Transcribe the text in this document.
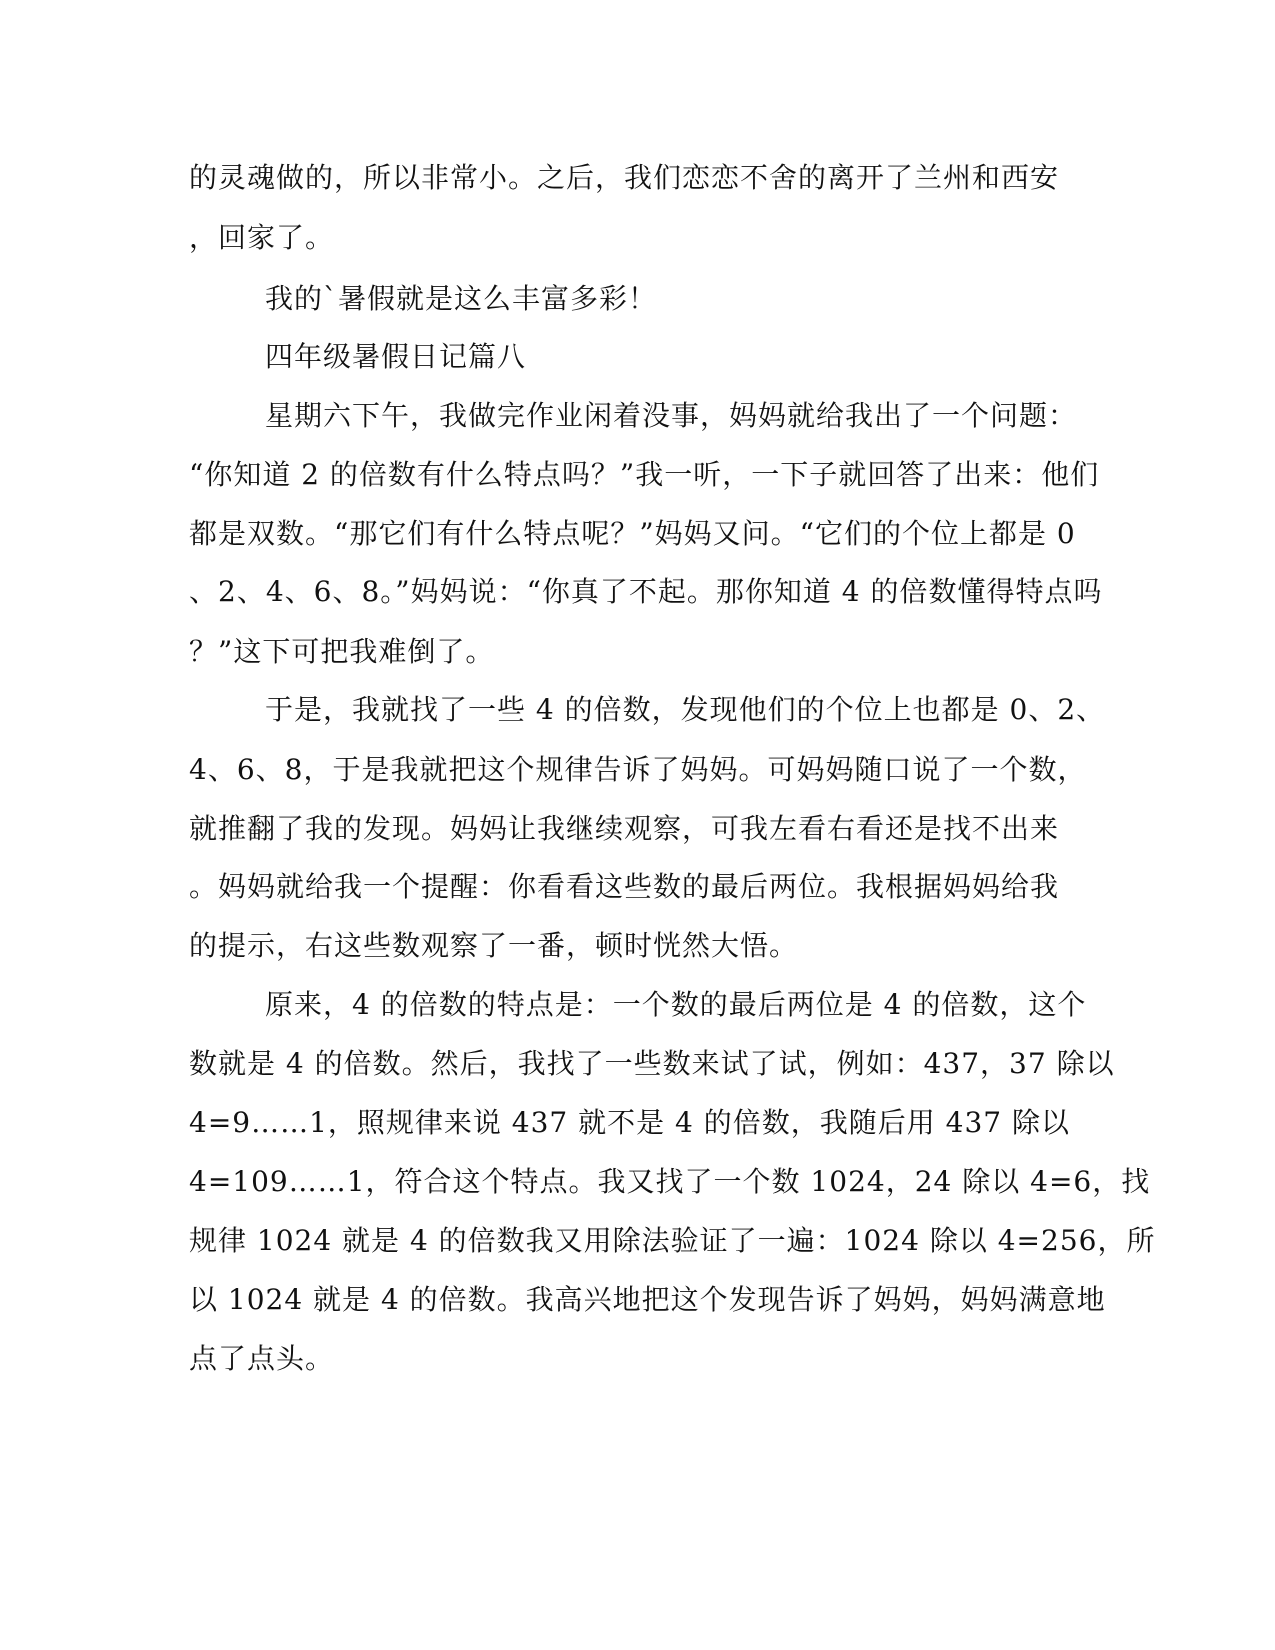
的灵魂做的，所以非常小。之后，我们恋恋不舍的离开了兰州和西安
，回家了。
我的`暑假就是这么丰富多彩！
四年级暑假日记篇八
星期六下午，我做完作业闲着没事，妈妈就给我出了一个问题：
“你知道 2 的倍数有什么特点吗？”我一听，一下子就回答了出来：他们
都是双数。“那它们有什么特点呢？”妈妈又问。“它们的个位上都是 0
、2、4、6、8。”妈妈说：“你真了不起。那你知道 4 的倍数懂得特点吗
？”这下可把我难倒了。
于是，我就找了一些 4 的倍数，发现他们的个位上也都是 0、2、
4、6、8，于是我就把这个规律告诉了妈妈。可妈妈随口说了一个数，
就推翻了我的发现。妈妈让我继续观察，可我左看右看还是找不出来
。妈妈就给我一个提醒：你看看这些数的最后两位。我根据妈妈给我
的提示，右这些数观察了一番，顿时恍然大悟。
原来，4 的倍数的特点是：一个数的最后两位是 4 的倍数，这个
数就是 4 的倍数。然后，我找了一些数来试了试，例如：437，37 除以
4=9……1，照规律来说 437 就不是 4 的倍数，我随后用 437 除以
4=109……1，符合这个特点。我又找了一个数 1024，24 除以 4=6，找
规律 1024 就是 4 的倍数我又用除法验证了一遍：1024 除以 4=256，所
以 1024 就是 4 的倍数。我高兴地把这个发现告诉了妈妈，妈妈满意地
点了点头。
